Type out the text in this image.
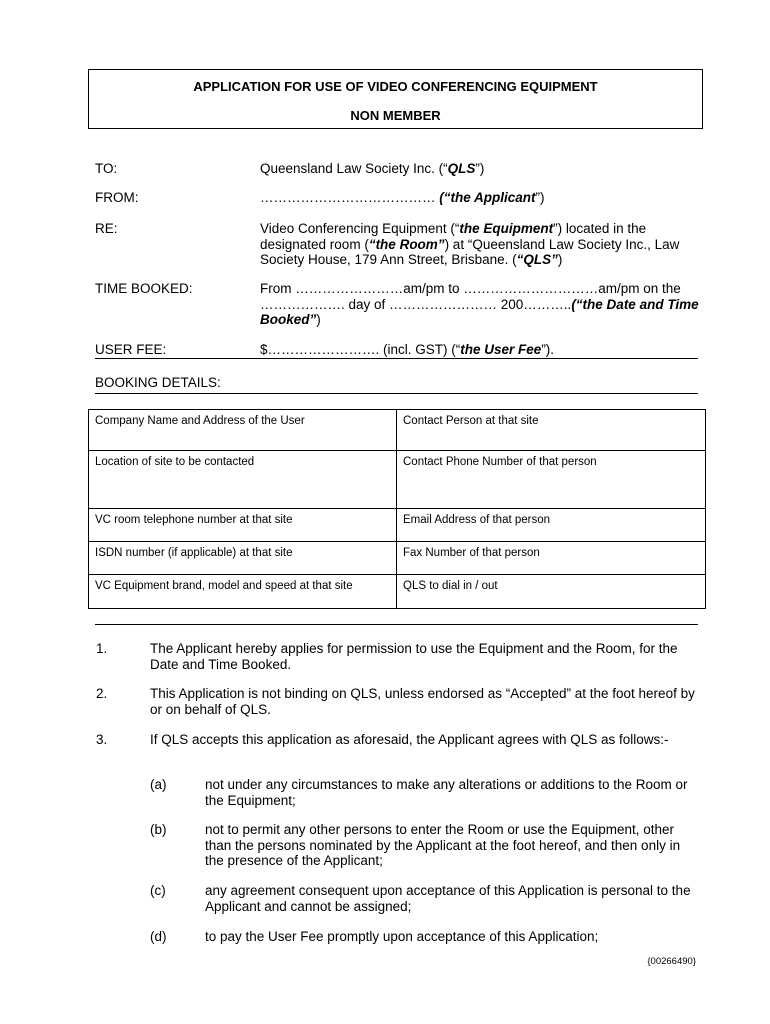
APPLICATION FOR USE OF VIDEO CONFERENCING EQUIPMENT
NON MEMBER
TO:	Queensland Law Society Inc. (“QLS”)
FROM:	………………………………… (“the Applicant”)
RE:	Video Conferencing Equipment (“the Equipment”) located in the designated room (“the Room”) at “Queensland Law Society Inc., Law Society House, 179 Ann Street, Brisbane. (“QLS”)
TIME BOOKED:	From ……………………am/pm to …………………………am/pm on the ………………. day of …………………… 200………..(“the Date and Time Booked”)
USER FEE:	$……………………. (incl. GST) (“the User Fee”).
BOOKING DETAILS:
Company Name and Address of the User	Contact Person at that site
Location of site to be contacted	Contact Phone Number of that person
VC room telephone number at that site	Email Address of that person
ISDN number (if applicable) at that site	Fax Number of that person
VC Equipment brand, model and speed at that site	QLS to dial in / out
1.	The Applicant hereby applies for permission to use the Equipment and the Room, for the Date and Time Booked.
2.	This Application is not binding on QLS, unless endorsed as “Accepted” at the foot hereof by or on behalf of QLS.
3.	If QLS accepts this application as aforesaid, the Applicant agrees with QLS as follows:-
(a)	not under any circumstances to make any alterations or additions to the Room or the Equipment;
(b)	not to permit any other persons to enter the Room or use the Equipment, other than the persons nominated by the Applicant at the foot hereof, and then only in the presence of the Applicant;
(c)	any agreement consequent upon acceptance of this Application is personal to the Applicant and cannot be assigned;
(d)	to pay the User Fee promptly upon acceptance of this Application;
{00266490}
